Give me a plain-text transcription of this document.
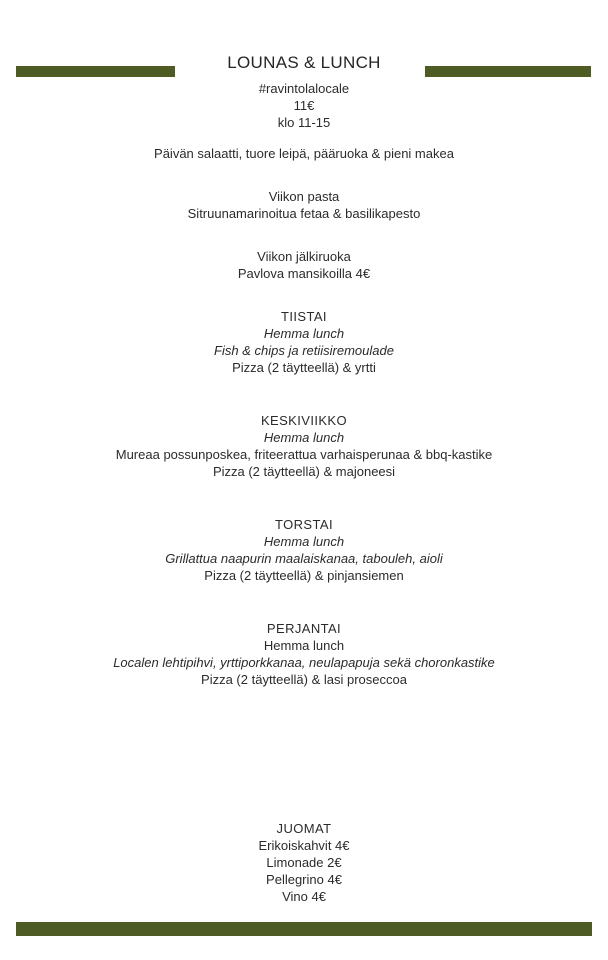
LOUNAS & LUNCH
#ravintolalocale
11€
klo 11-15
Päivän salaatti, tuore leipä, pääruoka & pieni makea
Viikon pasta
Sitruunamarinoitua fetaa & basilikapesto
Viikon jälkiruoka
Pavlova mansikoilla 4€
TIISTAI
Hemma lunch
Fish & chips ja retiisiremoulade
Pizza (2 täytteellä) & yrtti
KESKIVIIKKO
Hemma lunch
Mureaa possunposkea, friteerattua varhaisperunaa & bbq-kastike
Pizza (2 täytteellä) & majoneesi
TORSTAI
Hemma lunch
Grillattua naapurin maalaiskanaa, tabouleh, aioli
Pizza (2 täytteellä) & pinjansiemen
PERJANTAI
Hemma lunch
Localen lehtipihvi, yrttiporkkanaa, neulapapuja sekä choronkastike
Pizza (2 täytteellä) & lasi proseccoa
JUOMAT
Erikoiskahvit 4€
Limonade 2€
Pellegrino 4€
Vino 4€
